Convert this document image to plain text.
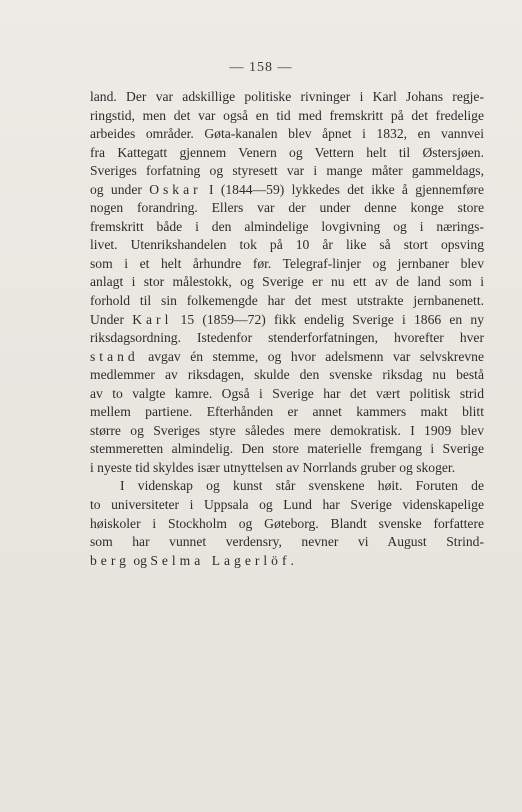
— 158 —
land. Der var adskillige politiske rivninger i Karl Johans regje-
ringstid, men det var også en tid med fremskritt på det fredelige
arbeides områder. Gøta-kanalen blev åpnet i 1832, en vannvei
fra Kattegatt gjennem Venern og Vettern helt til Østersjøen.
Sveriges forfatning og styresett var i mange måter gammeldags,
og under Oskar I (1844—59) lykkedes det ikke å gjennemføre
nogen forandring. Ellers var der under denne konge store
fremskritt både i den almindelige lovgivning og i nærings-
livet. Utenrikshandelen tok på 10 år like så stort opsving
som i et helt århundre før. Telegraf-linjer og jernbaner blev
anlagt i stor målestokk, og Sverige er nu ett av de land som i
forhold til sin folkemengde har det mest utstrakte jernbanenett.
Under Karl 15 (1859—72) fikk endelig Sverige i 1866 en ny
riksdagsordning. Istedenfor stenderforfatningen, hvorefter hver
stand avgav én stemme, og hvor adelsmenn var selvskrevne
medlemmer av riksdagen, skulde den svenske riksdag nu bestå
av to valgte kamre. Også i Sverige har det vært politisk strid
mellem partiene. Efterhånden er annet kammers makt blitt
større og Sveriges styre således mere demokratisk. I 1909 blev
stemmeretten almindelig. Den store materielle fremgang i Sverige
i nyeste tid skyldes især utnyttelsen av Norrlands gruber og skoger.
I videnskap og kunst står svenskene høit. Foruten de
to universiteter i Uppsala og Lund har Sverige videnskapelige
høiskoler i Stockholm og Gøteborg. Blandt svenske forfattere
som har vunnet verdensry, nevner vi August Strind-
berg og Selma Lagerlöf.
